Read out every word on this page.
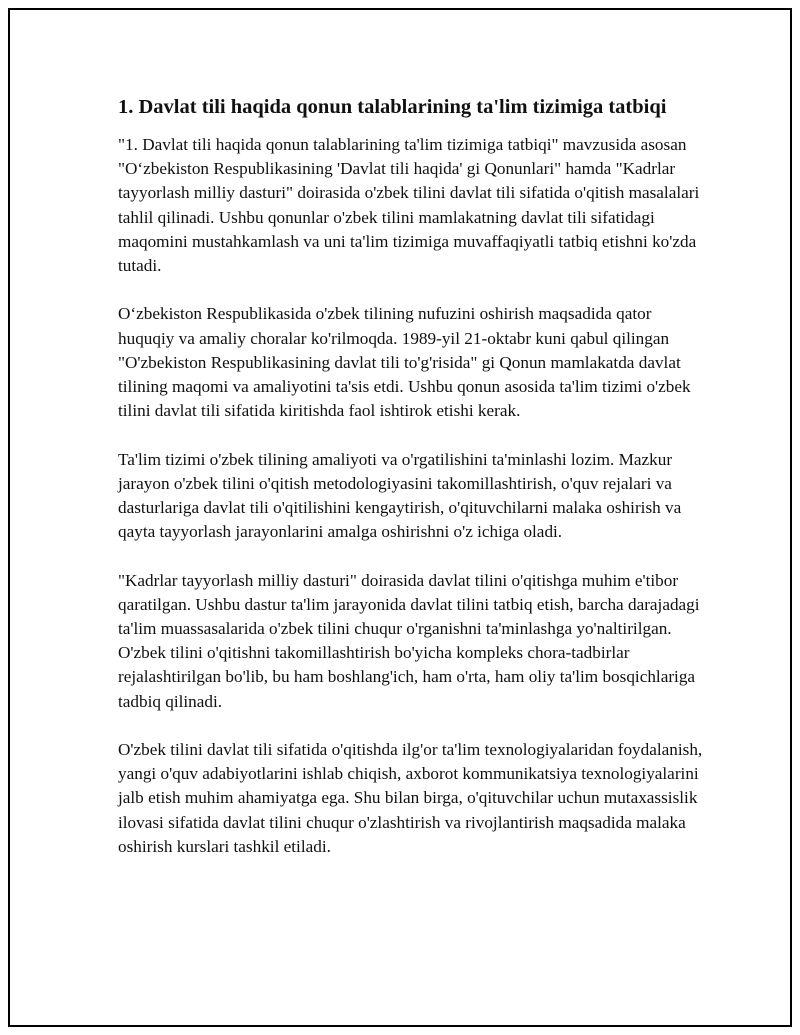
1. Davlat tili haqida qonun talablarining ta'lim tizimiga tatbiqi

"1. Davlat tili haqida qonun talablarining ta'lim tizimiga tatbiqi" mavzusida asosan "O‘zbekiston Respublikasining 'Davlat tili haqida' gi Qonunlari" hamda "Kadrlar tayyorlash milliy dasturi" doirasida o'zbek tilini davlat tili sifatida o'qitish masalalari tahlil qilinadi. Ushbu qonunlar o'zbek tilini mamlakatning davlat tili sifatidagi maqomini mustahkamlash va uni ta'lim tizimiga muvaffaqiyatli tatbiq etishni ko'zda tutadi.

O‘zbekiston Respublikasida o'zbek tilining nufuzini oshirish maqsadida qator huquqiy va amaliy choralar ko'rilmoqda. 1989-yil 21-oktabr kuni qabul qilingan "O'zbekiston Respublikasining davlat tili to'g'risida" gi Qonun mamlakatda davlat tilining maqomi va amaliyotini ta'sis etdi. Ushbu qonun asosida ta'lim tizimi o'zbek tilini davlat tili sifatida kiritishda faol ishtirok etishi kerak.

Ta'lim tizimi o'zbek tilining amaliyoti va o'rgatilishini ta'minlashi lozim. Mazkur jarayon o'zbek tilini o'qitish metodologiyasini takomillashtirish, o'quv rejalari va dasturlariga davlat tili o'qitilishini kengaytirish, o'qituvchilarni malaka oshirish va qayta tayyorlash jarayonlarini amalga oshirishni o'z ichiga oladi.

"Kadrlar tayyorlash milliy dasturi" doirasida davlat tilini o'qitishga muhim e'tibor qaratilgan. Ushbu dastur ta'lim jarayonida davlat tilini tatbiq etish, barcha darajadagi ta'lim muassasalarida o'zbek tilini chuqur o'rganishni ta'minlashga yo'naltirilgan. O'zbek tilini o'qitishni takomillashtirish bo'yicha kompleks chora-tadbirlar rejalashtirilgan bo'lib, bu ham boshlang'ich, ham o'rta, ham oliy ta'lim bosqichlariga tadbiq qilinadi.

O'zbek tilini davlat tili sifatida o'qitishda ilg'or ta'lim texnologiyalaridan foydalanish, yangi o'quv adabiyotlarini ishlab chiqish, axborot kommunikatsiya texnologiyalarini jalb etish muhim ahamiyatga ega. Shu bilan birga, o'qituvchilar uchun mutaxassislik ilovasi sifatida davlat tilini chuqur o'zlashtirish va rivojlantirish maqsadida malaka oshirish kurslari tashkil etiladi.
